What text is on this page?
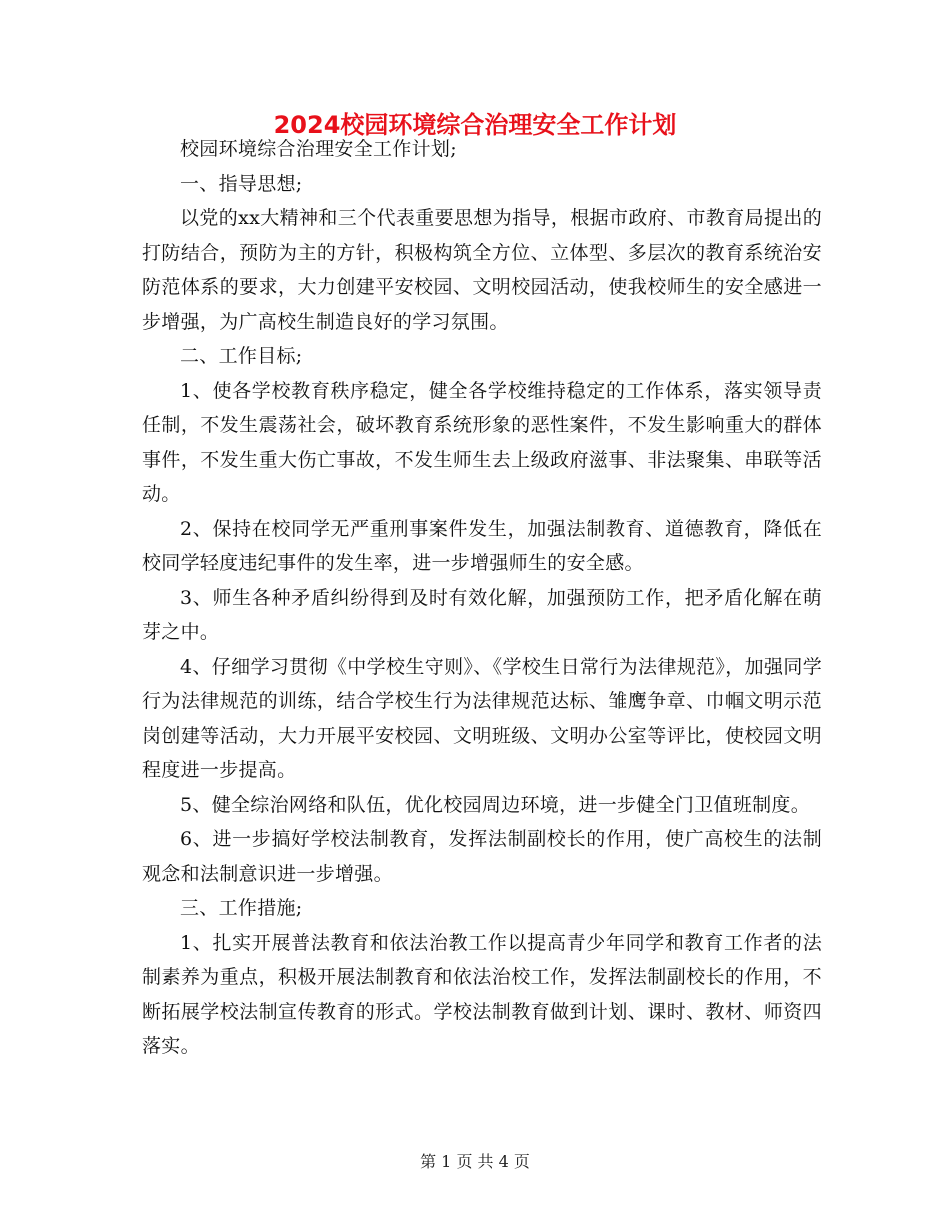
2024校园环境综合治理安全工作计划

校园环境综合治理安全工作计划;

一、指导思想;

以党的xx大精神和三个代表重要思想为指导，根据市政府、市教育局提出的打防结合，预防为主的方针，积极构筑全方位、立体型、多层次的教育系统治安防范体系的要求，大力创建平安校园、文明校园活动，使我校师生的安全感进一步增强，为广高校生制造良好的学习氛围。

二、工作目标;

1、使各学校教育秩序稳定，健全各学校维持稳定的工作体系，落实领导责任制，不发生震荡社会，破坏教育系统形象的恶性案件，不发生影响重大的群体事件，不发生重大伤亡事故，不发生师生去上级政府滋事、非法聚集、串联等活动。

2、保持在校同学无严重刑事案件发生，加强法制教育、道德教育，降低在校同学轻度违纪事件的发生率，进一步增强师生的安全感。

3、师生各种矛盾纠纷得到及时有效化解，加强预防工作，把矛盾化解在萌芽之中。

4、仔细学习贯彻《中学校生守则》、《学校生日常行为法律规范》，加强同学行为法律规范的训练，结合学校生行为法律规范达标、雏鹰争章、巾帼文明示范岗创建等活动，大力开展平安校园、文明班级、文明办公室等评比，使校园文明程度进一步提高。

5、健全综治网络和队伍，优化校园周边环境，进一步健全门卫值班制度。

6、进一步搞好学校法制教育，发挥法制副校长的作用，使广高校生的法制观念和法制意识进一步增强。

三、工作措施;

1、扎实开展普法教育和依法治教工作以提高青少年同学和教育工作者的法制素养为重点，积极开展法制教育和依法治校工作，发挥法制副校长的作用，不断拓展学校法制宣传教育的形式。学校法制教育做到计划、课时、教材、师资四落实。

第 1 页 共 4 页
